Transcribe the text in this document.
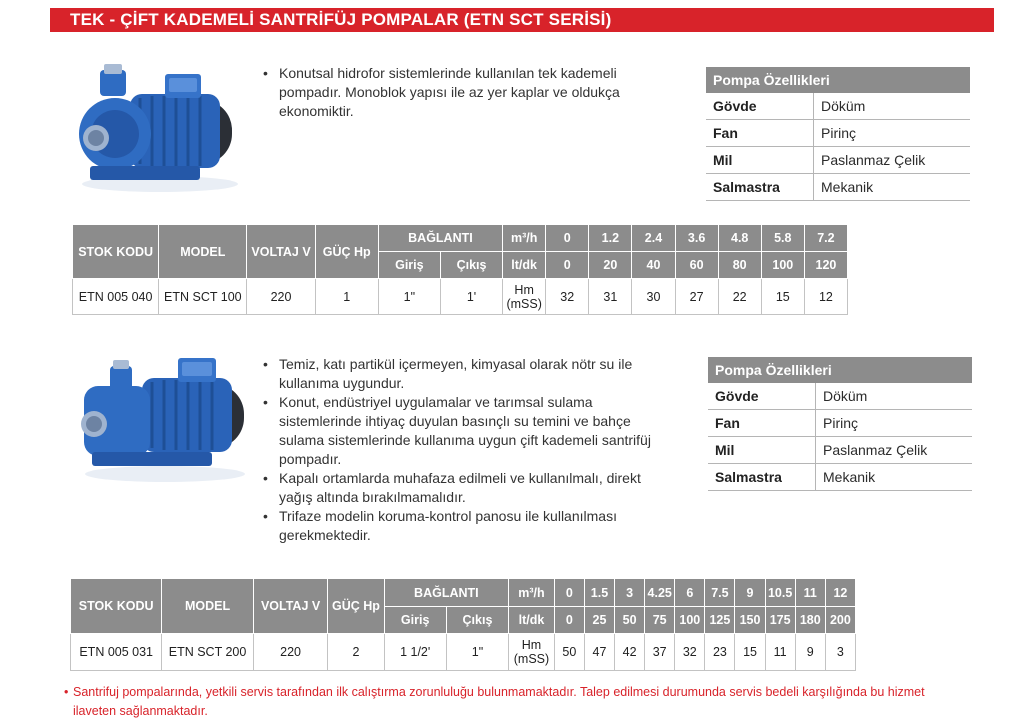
TEK - ÇİFT KADEMELİ SANTRİFÜJ POMPALAR (ETN SCT SERİSİ)
• Konutsal hidrofor sistemlerinde kullanılan tek kademeli pompadır. Monoblok yapısı ile az yer kaplar ve oldukça ekonomiktir.
Pompa Özellikleri	
Gövde	Döküm
Fan	Pirinç
Mil	Paslanmaz Çelik
Salmastra	Mekanik
STOK KODU	MODEL	VOLTAJ V	GÜÇ Hp	BAĞLANTI		m³/h	0	1.2	2.4	3.6	4.8	5.8	7.2
				Giriş	Çıkış	lt/dk	0	20	40	60	80	100	120
ETN 005 040	ETN SCT 100	220	1	1"	1'	Hm (mSS)	32	31	30	27	22	15	12
• Temiz, katı partikül içermeyen, kimyasal olarak nötr su ile kullanıma uygundur.
• Konut, endüstriyel uygulamalar ve tarımsal sulama sistemlerinde ihtiyaç duyulan basınçlı su temini ve bahçe sulama sistemlerinde kullanıma uygun çift kademeli santrifüj pompadır.
• Kapalı ortamlarda muhafaza edilmeli ve kullanılmalı, direkt yağış altında bırakılmamalıdır.
• Trifaze modelin koruma-kontrol panosu ile kullanılması gerekmektedir.
Pompa Özellikleri	
Gövde	Döküm
Fan	Pirinç
Mil	Paslanmaz Çelik
Salmastra	Mekanik
STOK KODU	MODEL	VOLTAJ V	GÜÇ Hp	BAĞLANTI		m³/h	0	1.5	3	4.25	6	7.5	9	10.5	11	12
				Giriş	Çıkış	lt/dk	0	25	50	75	100	125	150	175	180	200
ETN 005 031	ETN SCT 200	220	2	1 1/2'	1"	Hm (mSS)	50	47	42	37	32	23	15	11	9	3
• Santrifuj pompalarında, yetkili servis tarafından ilk calıştırma zorunluluğu bulunmamaktadır. Talep edilmesi durumunda servis bedeli karşılığında bu hizmet ilaveten sağlanmaktadır.
